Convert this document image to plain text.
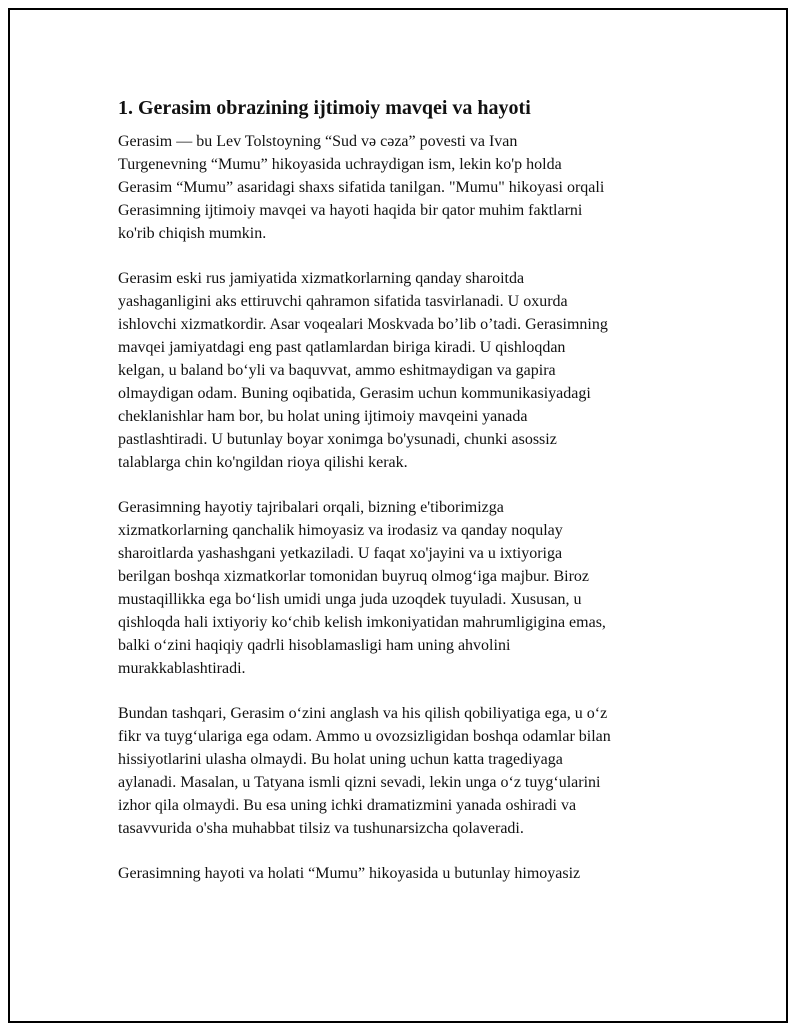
1. Gerasim obrazining ijtimoiy mavqei va hayoti

Gerasim — bu Lev Tolstoyning “Sud və cəza” povesti va Ivan
Turgenevning “Mumu” hikoyasida uchraydigan ism, lekin ko'p holda
Gerasim “Mumu” asaridagi shaxs sifatida tanilgan. "Mumu" hikoyasi orqali
Gerasimning ijtimoiy mavqei va hayoti haqida bir qator muhim faktlarni
ko'rib chiqish mumkin.

Gerasim eski rus jamiyatida xizmatkorlarning qanday sharoitda
yashaganligini aks ettiruvchi qahramon sifatida tasvirlanadi. U oxurda
ishlovchi xizmatkordir. Asar voqealari Moskvada bo’lib o’tadi. Gerasimning
mavqei jamiyatdagi eng past qatlamlardan biriga kiradi. U qishloqdan
kelgan, u baland bo‘yli va baquvvat, ammo eshitmaydigan va gapira
olmaydigan odam. Buning oqibatida, Gerasim uchun kommunikasiyadagi
cheklanishlar ham bor, bu holat uning ijtimoiy mavqeini yanada
pastlashtiradi. U butunlay boyar xonimga bo'ysunadi, chunki asossiz
talablarga chin ko'ngildan rioya qilishi kerak.

Gerasimning hayotiy tajribalari orqali, bizning e'tiborimizga
xizmatkorlarning qanchalik himoyasiz va irodasiz va qanday noqulay
sharoitlarda yashashgani yetkaziladi. U faqat xo'jayini va u ixtiyoriga
berilgan boshqa xizmatkorlar tomonidan buyruq olmog‘iga majbur. Biroz
mustaqillikka ega bo‘lish umidi unga juda uzoqdek tuyuladi. Xususan, u
qishloqda hali ixtiyoriy ko‘chib kelish imkoniyatidan mahrumligigina emas,
balki o‘zini haqiqiy qadrli hisoblamasligi ham uning ahvolini
murakkablashtiradi.

Bundan tashqari, Gerasim o‘zini anglash va his qilish qobiliyatiga ega, u o‘z
fikr va tuyg‘ulariga ega odam. Ammo u ovozsizligidan boshqa odamlar bilan
hissiyotlarini ulasha olmaydi. Bu holat uning uchun katta tragediyaga
aylanadi. Masalan, u Tatyana ismli qizni sevadi, lekin unga o‘z tuyg‘ularini
izhor qila olmaydi. Bu esa uning ichki dramatizmini yanada oshiradi va
tasavvurida o'sha muhabbat tilsiz va tushunarsizcha qolaveradi.

Gerasimning hayoti va holati “Mumu” hikoyasida u butunlay himoyasiz
